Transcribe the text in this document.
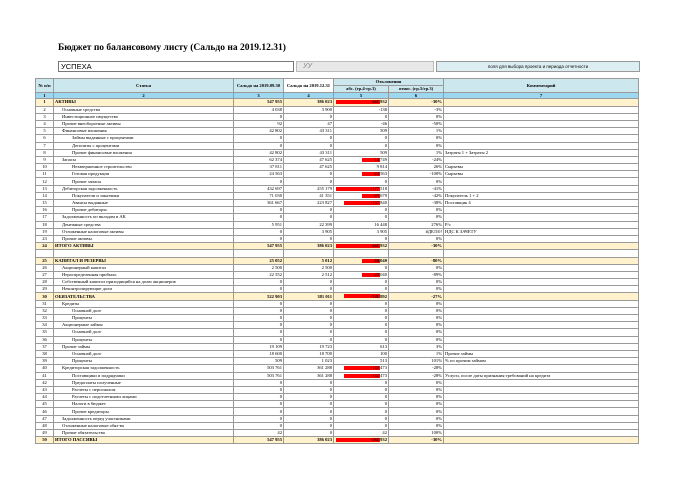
Бюджет по балансовому листу (Сальдо на 2019.12.31)
УСПЕХА	УУ	поля для выбора проекта и периода отчетности
№ п/п	Статья	Сальдо на 2019.09.30	Сальдо на 2019.12.31	Отклонения		Комментарий
				абс. (гр.4-гр.3)	относ. (гр.5/гр.3)	
1	2	3	4	5	6	7
1	АКТИВЫ	547 955	386 023	-161 932	-30%	
2	Основные средства	4 038	3 900	-138	-3%	
3	Инвестиционное имущество	0	0	0	0%	
4	Прочие внеоборотные активы	92	47	-46	-50%	
5	Финансовые вложения	42 802	43 311	509	1%	
6	Займы выданные с процентами	0	0	0	0%	
7	Депозиты с процентами	0	0	0	0%	
8	Прочие финансовые вложения	42 802	43 311	509	1%	Затраты 1 + Затраты 2
9	Запасы	62 374	47 625	-14 749	-24%	
10	Незавершенное строительство	37 811	47 625	9 814	26%	Сырьевы
11	Готовая продукция	24 563	0	-24 563	-100%	Сырьевы
12	Прочие запасы	0	0	0	0%	
13	Дебиторская задолженность	432 697	255 179	-177 518	-41%	
14	Покупатели и заказчики	71 030	41 351	-29 679	-42%	Покупатель 1 + 2
15	Авансы выданные	361 667	223 827	-137 840	-38%	Поставщик 4
16	Прочие дебиторы	0	0	0	0%	
17	Задолженность по вкладам в АК	0	0	0	0%	
18	Денежные средства	5 951	22 399	16 448	276%	Р/с
19	Отложенные налоговые активы	0	3 905	3 905	#ДЕЛ/0!	НДС К ЗАЧЕТУ
23	Прочие активы	0	0	0	0%	
24	ИТОГО АКТИВЫ	547 955	386 023	-161 932	-30%	

25	КАПИТАЛ И РЕЗЕРВЫ	25 052	5 012	-20 040	-80%	
26	Акционерный капитал	2 500	2 500	0	0%	
27	Нераспределенная прибыль	22 552	2 512	-20 040	-89%	
28	Собственный капитал приходящийся на долю акционеров	0	0	0	0%	
29	Неконтролирующие доли	0	0	0	0%	
30	ОБЯЗАТЕЛЬСТВА	522 903	381 011	-141 892	-27%	
31	Кредиты	0	0	0	0%	
32	Основной долг	0	0	0	0%	
33	Проценты	0	0	0	0%	
34	Акционерные займы	0	0	0	0%	
35	Основной долг	0	0	0	0%	
36	Проценты	0	0	0	0%	
37	Прочие займы	19 109	19 723	613	3%	
38	Основной долг	18 600	18 700	100	1%	Прочие займы
39	Проценты	509	1 023	513	101%	% по прочим займам
40	Кредиторская задолженность	503 761	361 288	-142 473	-28%	
41	Поставщики и подрядчики	503 761	361 288	-142 473	-28%	Услуги, после даты признания требований на кредита
42	Предоплаты полученные	0	0	0	0%	
43	Расчеты с персоналом	0	0	0	0%	
44	Расчеты с подотчетными лицами	0	0	0	0%	
45	Налоги в бюджет	0	0	0	0%	
46	Прочие кредиторы	0	0	0	0%	
47	Задолженность перед участниками	0	0	0	0%	
48	Отложенные налоговые обяз-ва	0	0	0	0%	
49	Прочие обязательства	42	0	42	100%	
50	ИТОГО ПАССИВЫ	547 955	386 023	-161 932	-30%	
